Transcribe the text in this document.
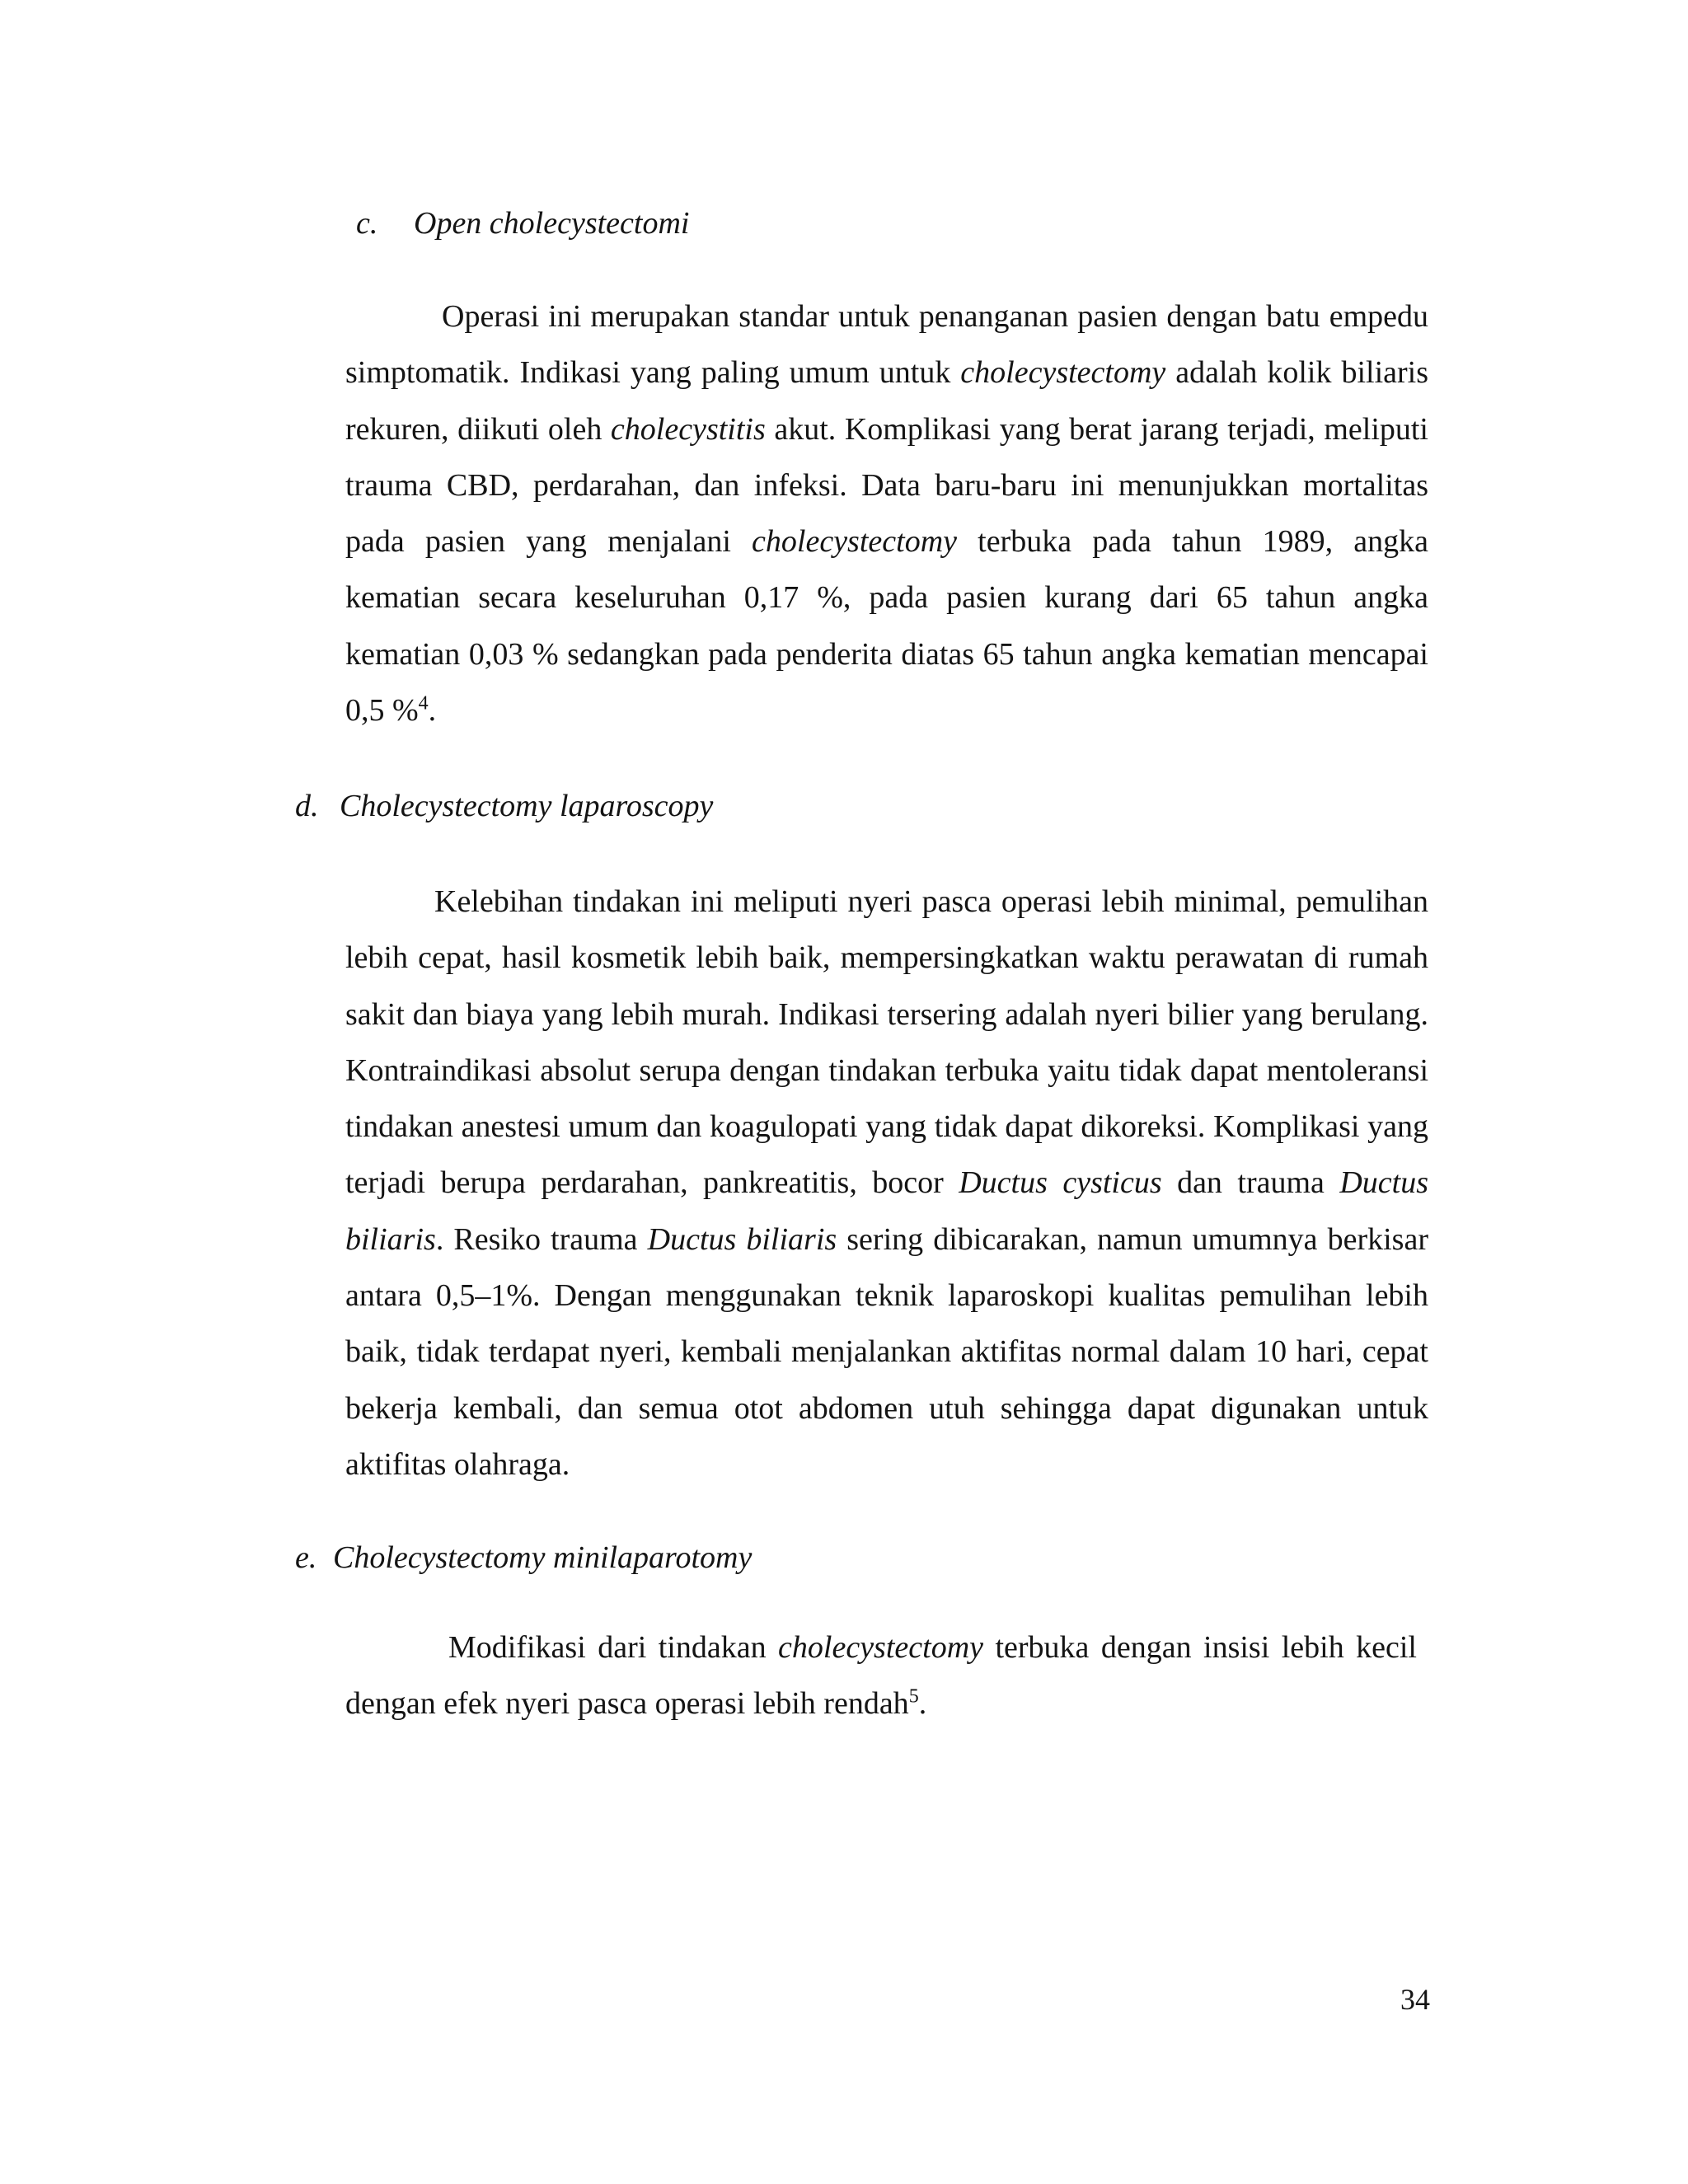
c. Open cholecystectomi

Operasi ini merupakan standar untuk penanganan pasien dengan batu empedu simptomatik. Indikasi yang paling umum untuk cholecystectomy adalah kolik biliaris rekuren, diikuti oleh cholecystitis akut. Komplikasi yang berat jarang terjadi, meliputi trauma CBD, perdarahan, dan infeksi. Data baru-baru ini menunjukkan mortalitas pada pasien yang menjalani cholecystectomy terbuka pada tahun 1989, angka kematian secara keseluruhan 0,17 %, pada pasien kurang dari 65 tahun angka kematian 0,03 % sedangkan pada penderita diatas 65 tahun angka kematian mencapai 0,5 %$^4$.

d. Cholecystectomy laparoscopy

Kelebihan tindakan ini meliputi nyeri pasca operasi lebih minimal, pemulihan lebih cepat, hasil kosmetik lebih baik, mempersingkatkan waktu perawatan di rumah sakit dan biaya yang lebih murah. Indikasi tersering adalah nyeri bilier yang berulang. Kontraindikasi absolut serupa dengan tindakan terbuka yaitu tidak dapat mentoleransi tindakan anestesi umum dan koagulopati yang tidak dapat dikoreksi. Komplikasi yang terjadi berupa perdarahan, pankreatitis, bocor Ductus cysticus dan trauma Ductus biliaris. Resiko trauma Ductus biliaris sering dibicarakan, namun umumnya berkisar antara 0,5–1%. Dengan menggunakan teknik laparoskopi kualitas pemulihan lebih baik, tidak terdapat nyeri, kembali menjalankan aktifitas normal dalam 10 hari, cepat bekerja kembali, dan semua otot abdomen utuh sehingga dapat digunakan untuk aktifitas olahraga.

e. Cholecystectomy minilaparotomy

Modifikasi dari tindakan cholecystectomy terbuka dengan insisi lebih kecil dengan efek nyeri pasca operasi lebih rendah$^5$.

34
